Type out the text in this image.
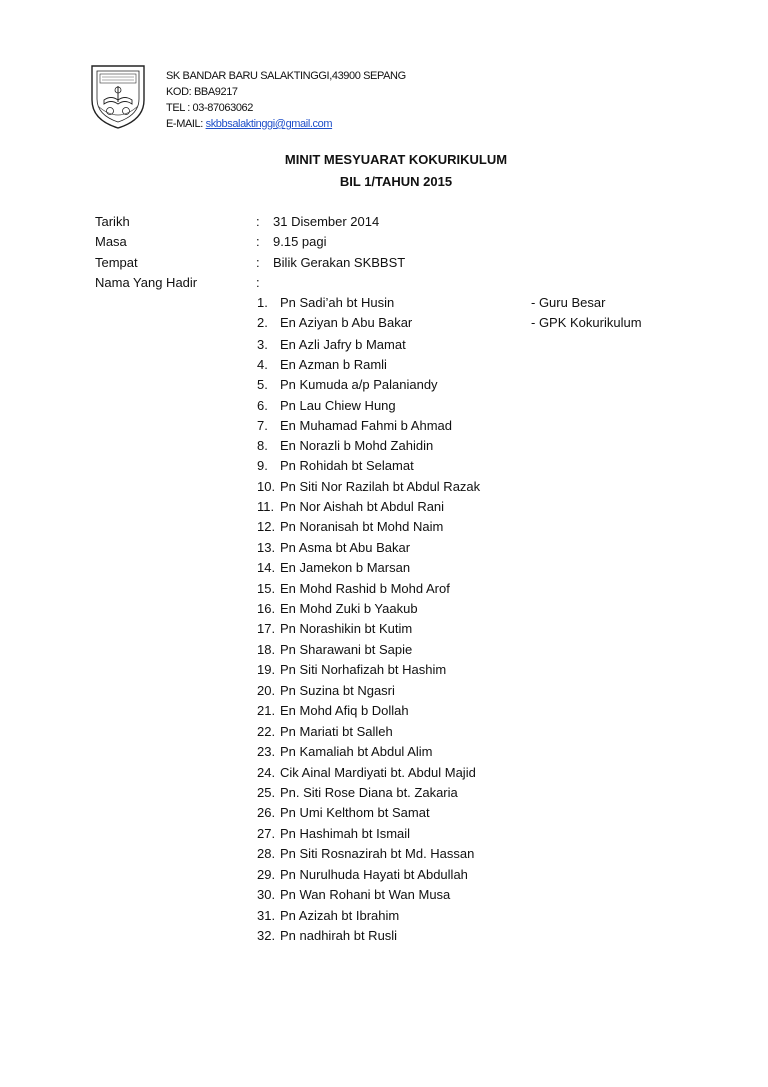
SK BANDAR BARU SALAKTINGGI,43900 SEPANG
KOD: BBA9217
TEL : 03-87063062
E-MAIL: skbbsalaktinggi@gmail.com
MINIT MESYUARAT KOKURIKULUM
BIL 1/TAHUN 2015
Tarikh	: 31 Disember 2014
Masa	: 9.15 pagi
Tempat	: Bilik Gerakan SKBBST
Nama Yang Hadir	:
1. Pn Sadi’ah bt Husin	- Guru Besar
2. En Aziyan b Abu Bakar	- GPK Kokurikulum
3. En Azli Jafry b Mamat
4. En Azman b Ramli
5. Pn Kumuda a/p Palaniandy
6. Pn Lau Chiew Hung
7. En Muhamad Fahmi b Ahmad
8. En Norazli b Mohd Zahidin
9. Pn Rohidah bt Selamat
10. Pn Siti Nor Razilah bt Abdul Razak
11. Pn Nor Aishah bt Abdul Rani
12. Pn Noranisah bt Mohd Naim
13. Pn Asma bt Abu Bakar
14. En Jamekon b Marsan
15. En Mohd Rashid b Mohd Arof
16. En Mohd Zuki b Yaakub
17. Pn Norashikin bt Kutim
18. Pn Sharawani bt Sapie
19. Pn Siti Norhafizah bt Hashim
20. Pn Suzina bt Ngasri
21. En Mohd Afiq b Dollah
22. Pn Mariati bt Salleh
23. Pn Kamaliah bt Abdul Alim
24. Cik Ainal Mardiyati bt. Abdul Majid
25. Pn. Siti Rose Diana bt. Zakaria
26. Pn Umi Kelthom bt Samat
27. Pn Hashimah bt Ismail
28. Pn Siti Rosnazirah bt Md. Hassan
29. Pn Nurulhuda Hayati bt Abdullah
30. Pn Wan Rohani bt Wan Musa
31. Pn Azizah bt Ibrahim
32. Pn nadhirah bt Rusli
